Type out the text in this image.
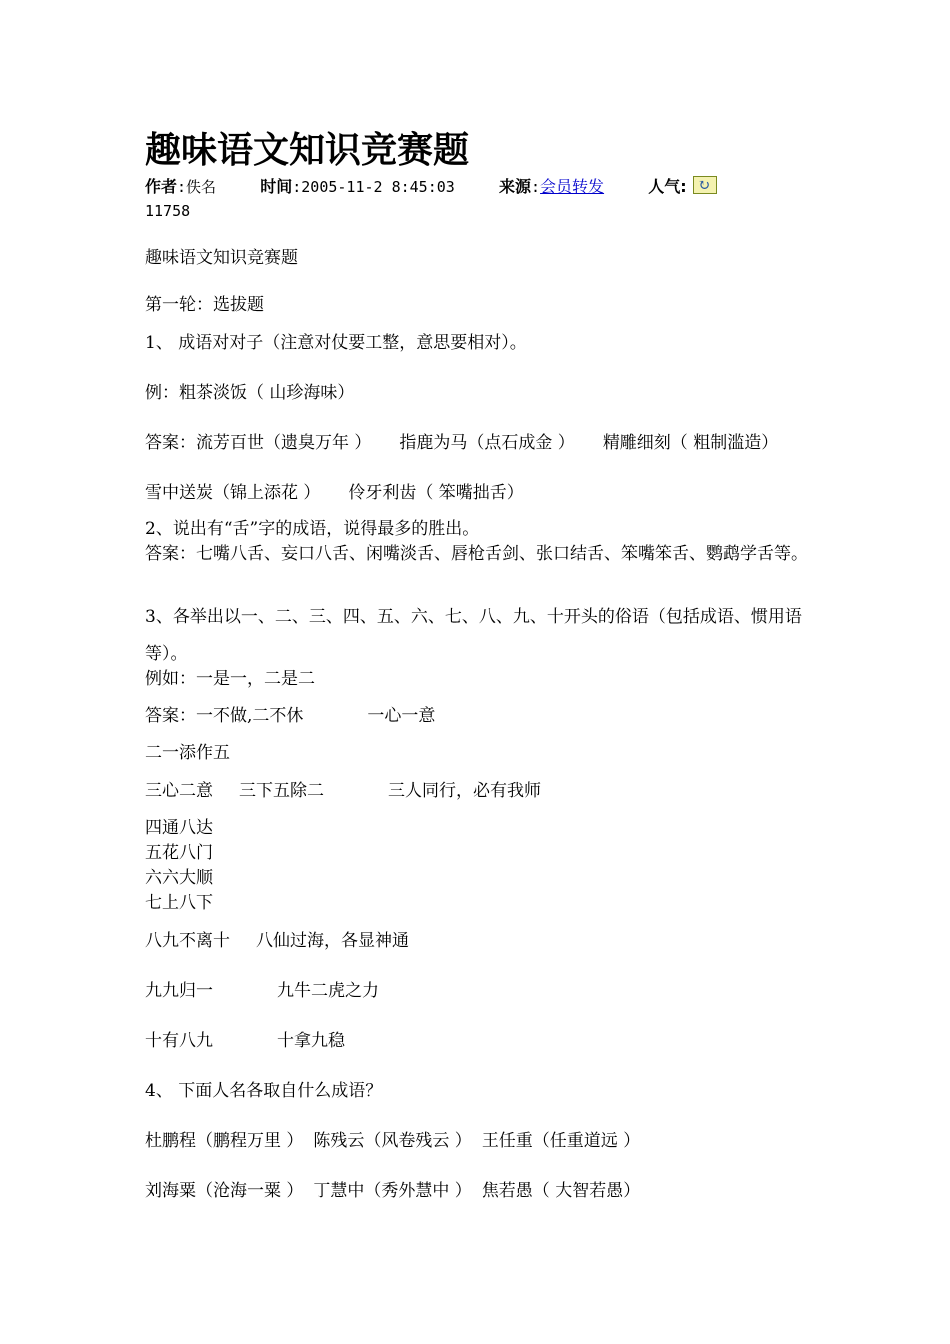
趣味语文知识竞赛题
作者:佚名	时间:2005-11-2 8:45:03	来源:会员转发	人气:↻
11758
趣味语文知识竞赛题
第一轮：选拔题
1、 成语对对子（注意对仗要工整，意思要相对）。
例：粗茶淡饭（ 山珍海味）
答案：流芳百世（遗臭万年 ） 指鹿为马（点石成金 ） 精雕细刻（ 粗制滥造）
雪中送炭（锦上添花 ） 伶牙利齿（ 笨嘴拙舌）
2、说出有“舌”字的成语，说得最多的胜出。
答案：七嘴八舌、妄口八舌、闲嘴淡舌、唇枪舌剑、张口结舌、笨嘴笨舌、鹦鹉学舌等。
3、各举出以一、二、三、四、五、六、七、八、九、十开头的俗语（包括成语、惯用语
等）。
例如：一是一，二是二
答案：一不做,二不休	一心一意
二一添作五
三心二意 三下五除二	三人同行，必有我师
四通八达
五花八门
六六大顺
七上八下
八九不离十 八仙过海，各显神通
九九归一	九牛二虎之力
十有八九	十拿九稳
4、 下面人名各取自什么成语？
杜鹏程（鹏程万里 ） 陈残云（风卷残云 ） 王任重（任重道远 ）
刘海粟（沧海一粟 ） 丁慧中（秀外慧中 ） 焦若愚（ 大智若愚）
